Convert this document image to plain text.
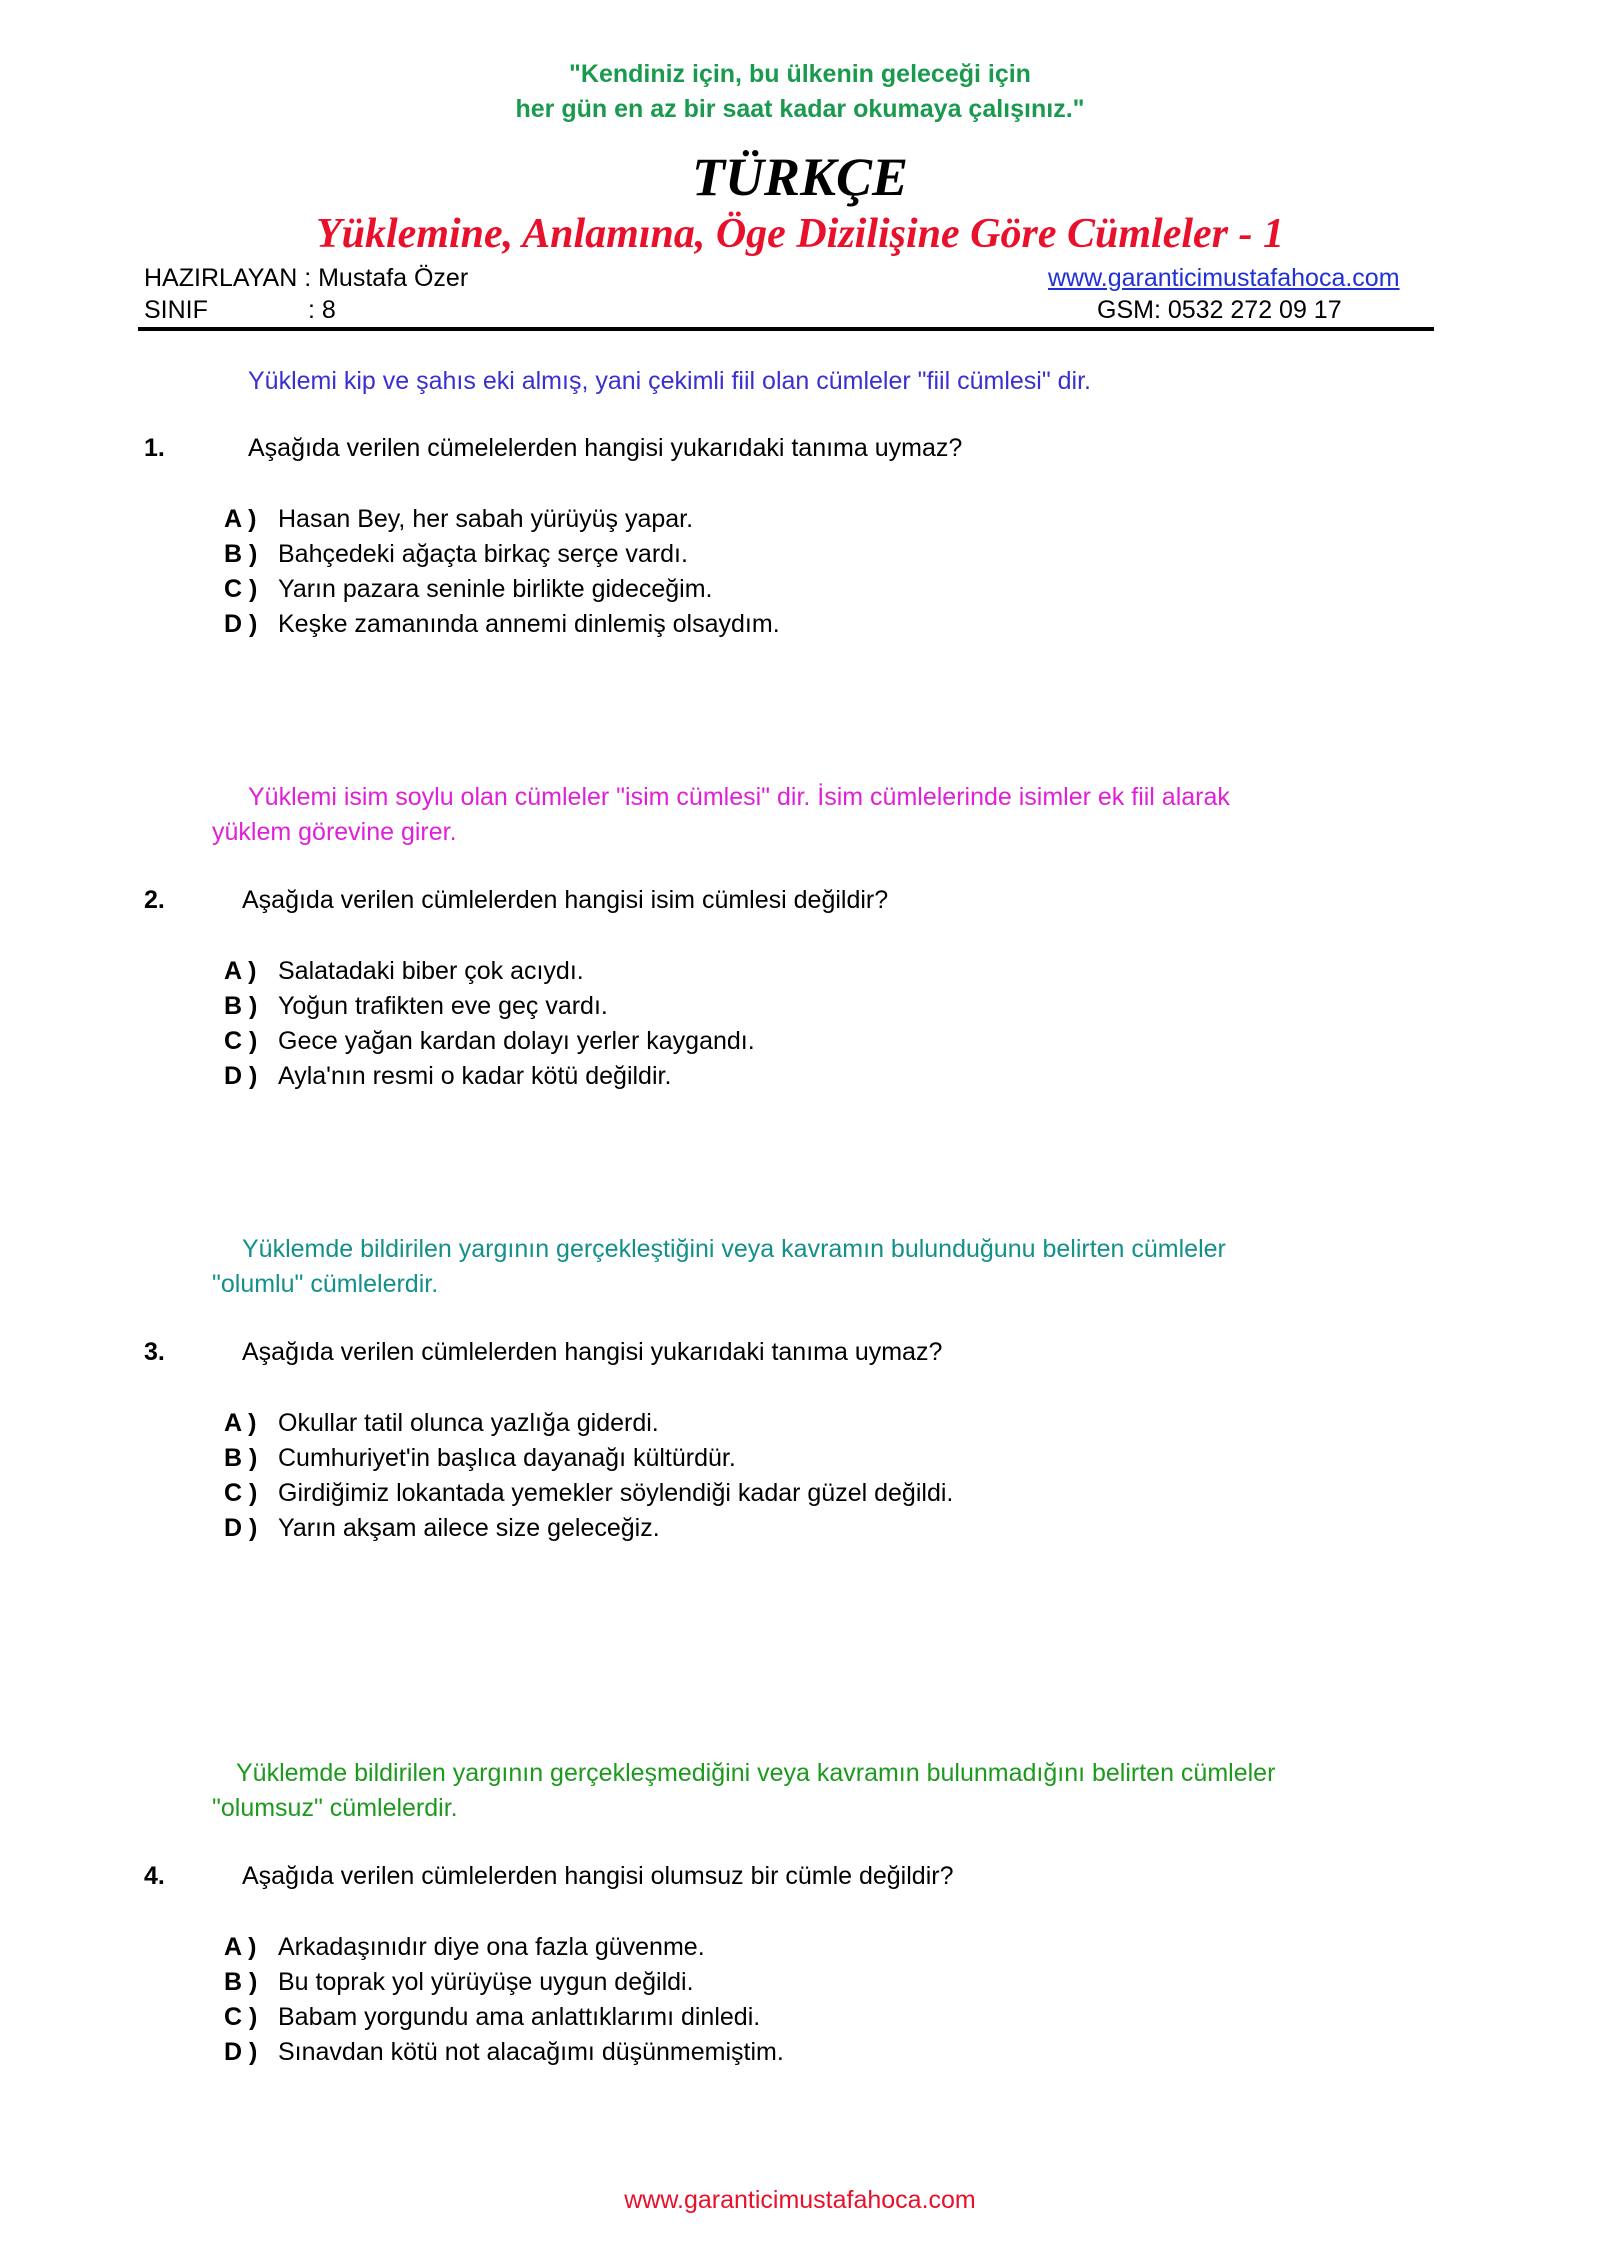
"Kendiniz için, bu ülkenin geleceği için
her gün en az bir saat kadar okumaya çalışınız."
TÜRKÇE
Yüklemine, Anlamına, Öge Dizilişine Göre Cümleler - 1
HAZIRLAYAN : Mustafa Özer	www.garanticimustafahoca.com
SINIF	: 8	GSM: 0532 272 09 17
Yüklemi kip ve şahıs eki almış, yani çekimli fiil olan cümleler "fiil cümlesi" dir.
1.	Aşağıda verilen cümelelerden hangisi yukarıdaki tanıma uymaz?
A ) Hasan Bey, her sabah yürüyüş yapar.
B ) Bahçedeki ağaçta birkaç serçe vardı.
C ) Yarın pazara seninle birlikte gideceğim.
D ) Keşke zamanında annemi dinlemiş olsaydım.
Yüklemi isim soylu olan cümleler "isim cümlesi" dir. İsim cümlelerinde isimler ek fiil alarak
yüklem görevine girer.
2.	Aşağıda verilen cümlelerden hangisi isim cümlesi değildir?
A ) Salatadaki biber çok acıydı.
B ) Yoğun trafikten eve geç vardı.
C ) Gece yağan kardan dolayı yerler kaygandı.
D ) Ayla'nın resmi o kadar kötü değildir.
Yüklemde bildirilen yargının gerçekleştiğini veya kavramın bulunduğunu belirten cümleler
"olumlu" cümlelerdir.
3.	Aşağıda verilen cümlelerden hangisi yukarıdaki tanıma uymaz?
A ) Okullar tatil olunca yazlığa giderdi.
B ) Cumhuriyet'in başlıca dayanağı kültürdür.
C ) Girdiğimiz lokantada yemekler söylendiği kadar güzel değildi.
D ) Yarın akşam ailece size geleceğiz.
Yüklemde bildirilen yargının gerçekleşmediğini veya kavramın bulunmadığını belirten cümleler
"olumsuz" cümlelerdir.
4.	Aşağıda verilen cümlelerden hangisi olumsuz bir cümle değildir?
A ) Arkadaşınıdır diye ona fazla güvenme.
B ) Bu toprak yol yürüyüşe uygun değildi.
C ) Babam yorgundu ama anlattıklarımı dinledi.
D ) Sınavdan kötü not alacağımı düşünmemiştim.
www.garanticimustafahoca.com
